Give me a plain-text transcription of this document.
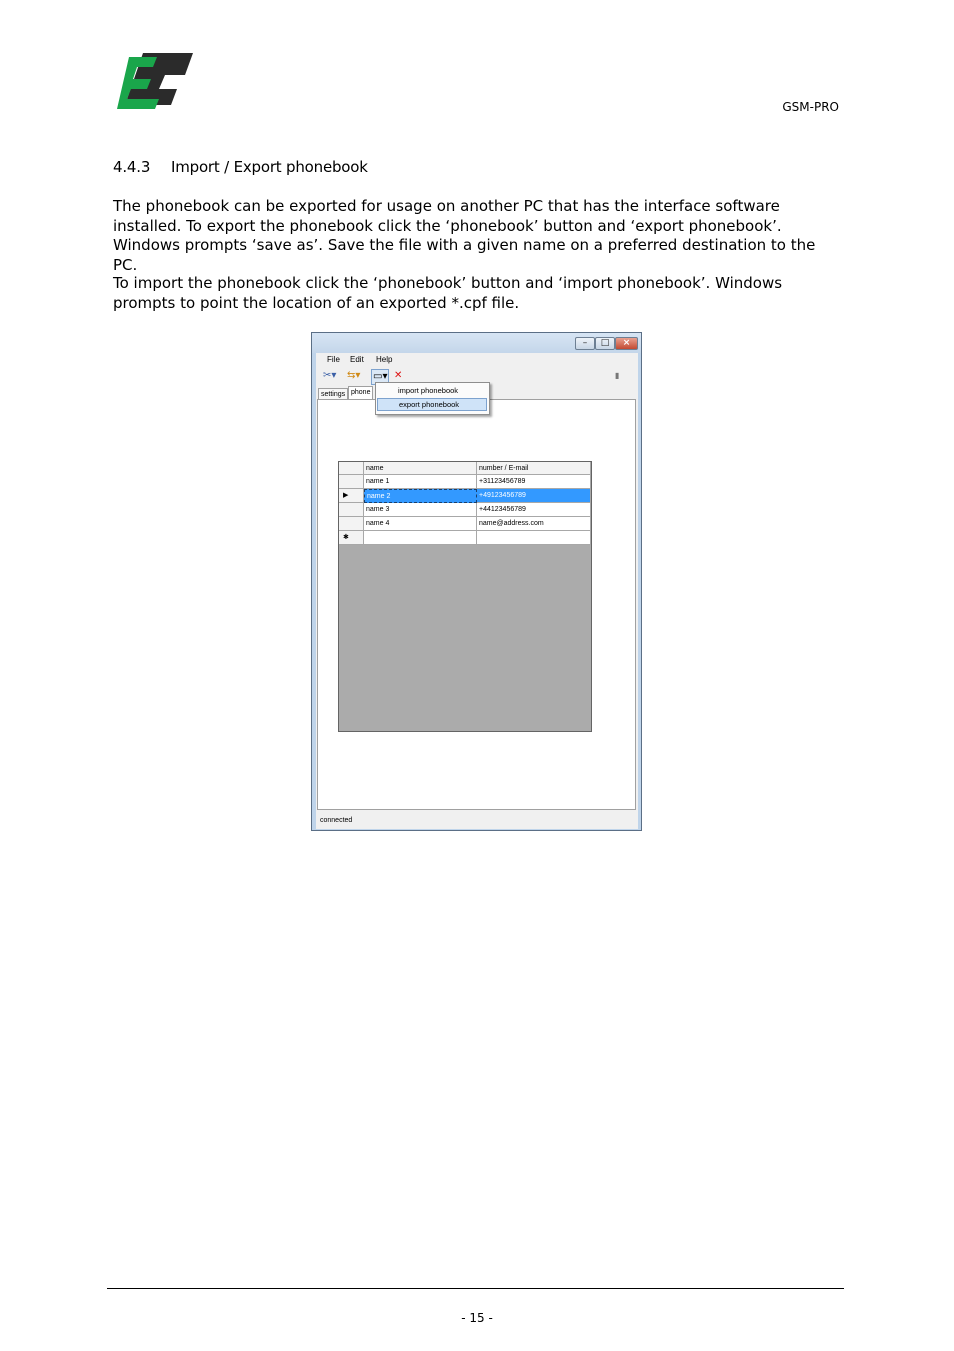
GSM-PRO
4.4.3 Import / Export phonebook
The phonebook can be exported for usage on another PC that has the interface software installed. To export the phonebook click the ‘phonebook’ button and ‘export phonebook’. Windows prompts ‘save as’. Save the file with a given name on a preferred destination to the PC.
To import the phonebook click the ‘phonebook’ button and ‘import phonebook’. Windows prompts to point the location of an exported *.cpf file.
–	□	×
File Edit Help
✂▾ ⇆▾ ▭▾ ✕	▮
settings phone
name	number / E-mail
name 1	+31123456789
▶	name 2	+49123456789
name 3	+44123456789
name 4	name@address.com
✱
import phonebook
export phonebook
connected
- 15 -
